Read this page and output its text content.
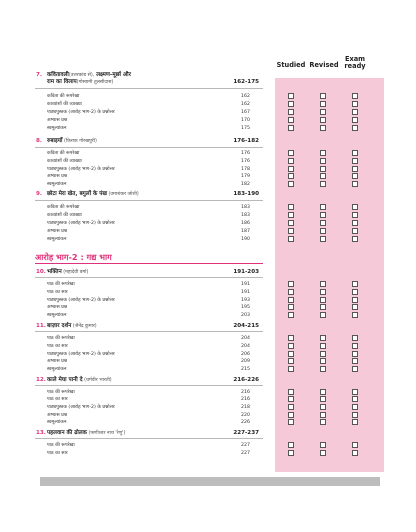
Studied Revised
Exam ready
आरोह भाग-2 : गद्य भाग
7. कवितावली(उत्तरकांड से), लक्ष्मण-मूर्छा और
राम का विलाप(गोस्वामी तुलसीदास)	162-175
कविता की रूपरेखा	162
काव्यांशों की व्याख्या	162
पाठ्यपुस्तक (आरोह भाग-2) के प्रश्नोत्तर	167
अभ्यास प्रश्न	170
स्वमूल्यांकन	175
8. रुबाइयाँ (फ़िराक गोरखपुरी)	176-182
कविता की रूपरेखा	176
काव्यांशों की व्याख्या	176
पाठ्यपुस्तक (आरोह भाग-2) के प्रश्नोत्तर	178
अभ्यास प्रश्न	179
स्वमूल्यांकन	182
9. छोटा मेरा खेत, बगुलों के पंख (उमाशंकर जोशी)	183-190
कविता की रूपरेखा	183
काव्यांशों की व्याख्या	183
पाठ्यपुस्तक (आरोह भाग-2) के प्रश्नोत्तर	186
अभ्यास प्रश्न	187
स्वमूल्यांकन	190
10.भक्तिन (महादेवी वर्मा)	191-203
पाठ की रूपरेखा	191
पाठ का सार	191
पाठ्यपुस्तक (आरोह भाग-2) के प्रश्नोत्तर	193
अभ्यास प्रश्न	195
स्वमूल्यांकन	203
11.बाज़ार दर्शन (जैनेंद्र कुमार)	204-215
पाठ की रूपरेखा	204
पाठ का सार	204
पाठ्यपुस्तक (आरोह भाग-2) के प्रश्नोत्तर	206
अभ्यास प्रश्न	209
स्वमूल्यांकन	215
12.काले मेघा पानी दे (धर्मवीर भारती)	216-226
पाठ की रूपरेखा	216
पाठ का सार	216
पाठ्यपुस्तक (आरोह भाग-2) के प्रश्नोत्तर	218
अभ्यास प्रश्न	220
स्वमूल्यांकन	226
13.पहलवान की ढोलक (फणीश्वर नाथ 'रेणु')	227-237
पाठ की रूपरेखा	227
पाठ का सार	227
